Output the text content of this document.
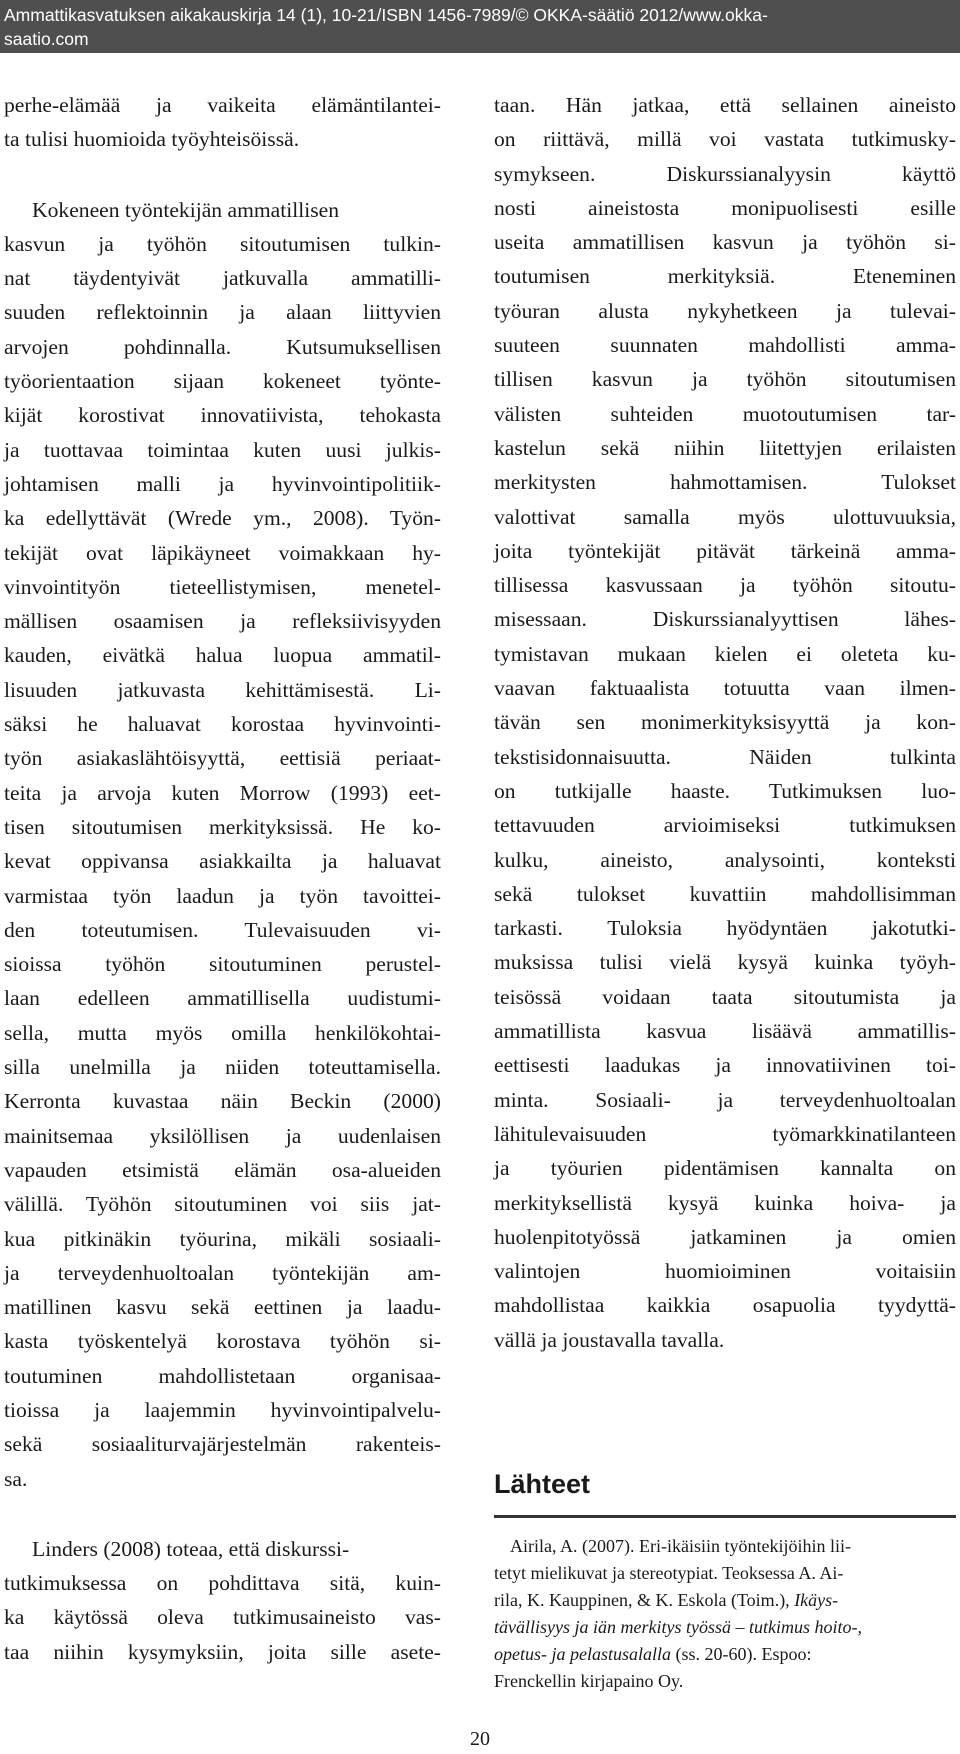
Ammattikasvatuksen aikakauskirja 14 (1), 10-21/ISBN 1456-7989/© OKKA-säätiö 2012/www.okka-
saatio.com
perhe-elämää ja vaikeita elämäntilantei-
ta tulisi huomioida työyhteisöissä.
Kokeneen työntekijän ammatillisen
kasvun ja työhön sitoutumisen tulkin-
nat täydentyivät jatkuvalla ammatilli-
suuden reflektoinnin ja alaan liittyvien
arvojen pohdinnalla. Kutsumuksellisen
työorientaation sijaan kokeneet työnte-
kijät korostivat innovatiivista, tehokasta
ja tuottavaa toimintaa kuten uusi julkis-
johtamisen malli ja hyvinvointipolitiik-
ka edellyttävät (Wrede ym., 2008). Työn-
tekijät ovat läpikäyneet voimakkaan hy-
vinvointityön tieteellistymisen, menetel-
mällisen osaamisen ja refleksiivisyyden
kauden, eivätkä halua luopua ammatil-
lisuuden jatkuvasta kehittämisestä. Li-
säksi he haluavat korostaa hyvinvointi-
työn asiakaslähtöisyyttä, eettisiä periaat-
teita ja arvoja kuten Morrow (1993) eet-
tisen sitoutumisen merkityksissä. He ko-
kevat oppivansa asiakkailta ja haluavat
varmistaa työn laadun ja työn tavoittei-
den toteutumisen. Tulevaisuuden vi-
sioissa työhön sitoutuminen perustel-
laan edelleen ammatillisella uudistumi-
sella, mutta myös omilla henkilökohtai-
silla unelmilla ja niiden toteuttamisella.
Kerronta kuvastaa näin Beckin (2000)
mainitsemaa yksilöllisen ja uudenlaisen
vapauden etsimistä elämän osa-alueiden
välillä. Työhön sitoutuminen voi siis jat-
kua pitkinäkin työurina, mikäli sosiaali-
ja terveydenhuoltoalan työntekijän am-
matillinen kasvu sekä eettinen ja laadu-
kasta työskentelyä korostava työhön si-
toutuminen mahdollistetaan organisaa-
tioissa ja laajemmin hyvinvointipalvelu-
sekä sosiaaliturvajärjestelmän rakenteis-
sa.
Linders (2008) toteaa, että diskurssi-
tutkimuksessa on pohdittava sitä, kuin-
ka käytössä oleva tutkimusaineisto vas-
taa niihin kysymyksiin, joita sille asete-
taan. Hän jatkaa, että sellainen aineisto
on riittävä, millä voi vastata tutkimusky-
symykseen. Diskurssianalyysin käyttö
nosti aineistosta monipuolisesti esille
useita ammatillisen kasvun ja työhön si-
toutumisen merkityksiä. Eteneminen
työuran alusta nykyhetkeen ja tulevai-
suuteen suunnaten mahdollisti amma-
tillisen kasvun ja työhön sitoutumisen
välisten suhteiden muotoutumisen tar-
kastelun sekä niihin liitettyjen erilaisten
merkitysten hahmottamisen. Tulokset
valottivat samalla myös ulottuvuuksia,
joita työntekijät pitävät tärkeinä amma-
tillisessa kasvussaan ja työhön sitoutu-
misessaan. Diskurssianalyyttisen lähes-
tymistavan mukaan kielen ei oleteta ku-
vaavan faktuaalista totuutta vaan ilmen-
tävän sen monimerkityksisyyttä ja kon-
tekstisidonnaisuutta. Näiden tulkinta
on tutkijalle haaste. Tutkimuksen luo-
tettavuuden arvioimiseksi tutkimuksen
kulku, aineisto, analysointi, konteksti
sekä tulokset kuvattiin mahdollisimman
tarkasti. Tuloksia hyödyntäen jakotutki-
muksissa tulisi vielä kysyä kuinka työyh-
teisössä voidaan taata sitoutumista ja
ammatillista kasvua lisäävä ammatillis-
eettisesti laadukas ja innovatiivinen toi-
minta. Sosiaali- ja terveydenhuoltoalan
lähitulevaisuuden työmarkkinatilanteen
ja työurien pidentämisen kannalta on
merkityksellistä kysyä kuinka hoiva- ja
huolenpitotyössä jatkaminen ja omien
valintojen huomioiminen voitaisiin
mahdollistaa kaikkia osapuolia tyydyttä-
vällä ja joustavalla tavalla.
Lähteet
Airila, A. (2007). Eri-ikäisiin työntekijöihin lii-
tetyt mielikuvat ja stereotypiat. Teoksessa A. Ai-
rila, K. Kauppinen, & K. Eskola (Toim.), Ikäys-
tävällisyys ja iän merkitys työssä – tutkimus hoito-,
opetus- ja pelastusalalla (ss. 20-60). Espoo:
Frenckellin kirjapaino Oy.
20
